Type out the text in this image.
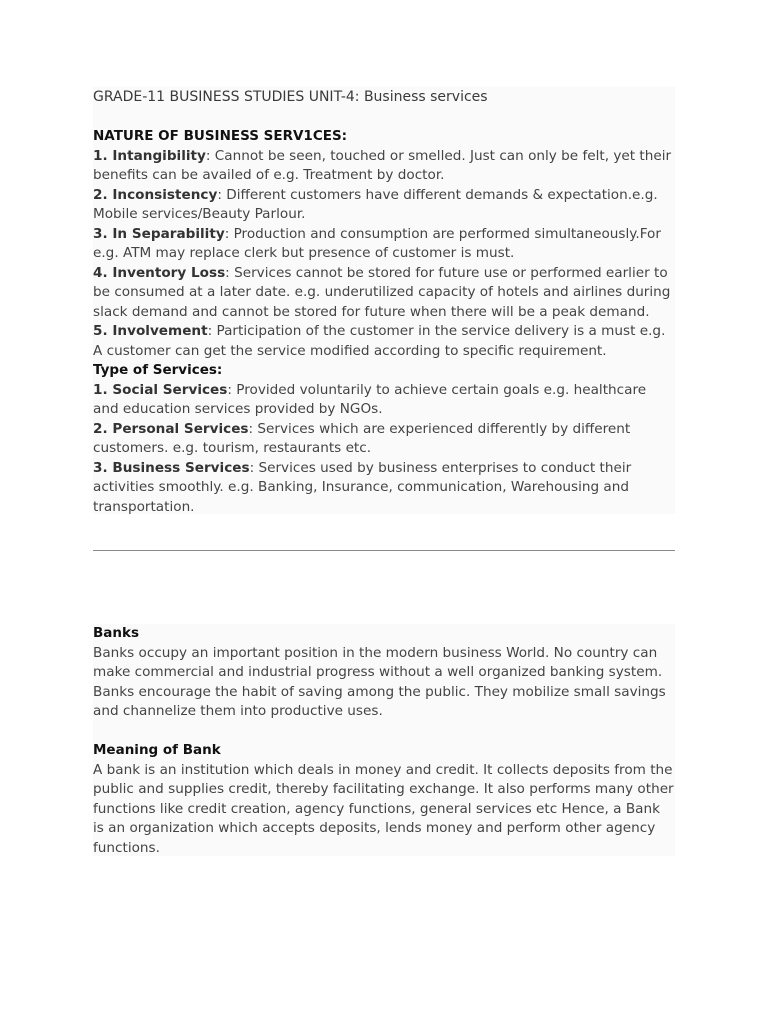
GRADE-11 BUSINESS STUDIES UNIT-4: Business services

NATURE OF BUSINESS SERV1CES:

1. Intangibility: Cannot be seen, touched or smelled. Just can only be felt, yet their benefits can be availed of e.g. Treatment by doctor.

2. Inconsistency: Different customers have different demands & expectation.e.g. Mobile services/Beauty Parlour.

3. In Separability: Production and consumption are performed simultaneously.For e.g. ATM may replace clerk but presence of customer is must.

4. Inventory Loss: Services cannot be stored for future use or performed earlier to be consumed at a later date. e.g. underutilized capacity of hotels and airlines during slack demand and cannot be stored for future when there will be a peak demand.

5. Involvement: Participation of the customer in the service delivery is a must e.g. A customer can get the service modified according to specific requirement.

Type of Services:

1. Social Services: Provided voluntarily to achieve certain goals e.g. healthcare and education services provided by NGOs.

2. Personal Services: Services which are experienced differently by different customers. e.g. tourism, restaurants etc.

3. Business Services: Services used by business enterprises to conduct their activities smoothly. e.g. Banking, Insurance, communication, Warehousing and transportation.

Banks

Banks occupy an important position in the modern business World. No country can make commercial and industrial progress without a well organized banking system. Banks encourage the habit of saving among the public. They mobilize small savings and channelize them into productive uses.

Meaning of Bank

A bank is an institution which deals in money and credit. It collects deposits from the public and supplies credit, thereby facilitating exchange. It also performs many other functions like credit creation, agency functions, general services etc Hence, a Bank is an organization which accepts deposits, lends money and perform other agency functions.
